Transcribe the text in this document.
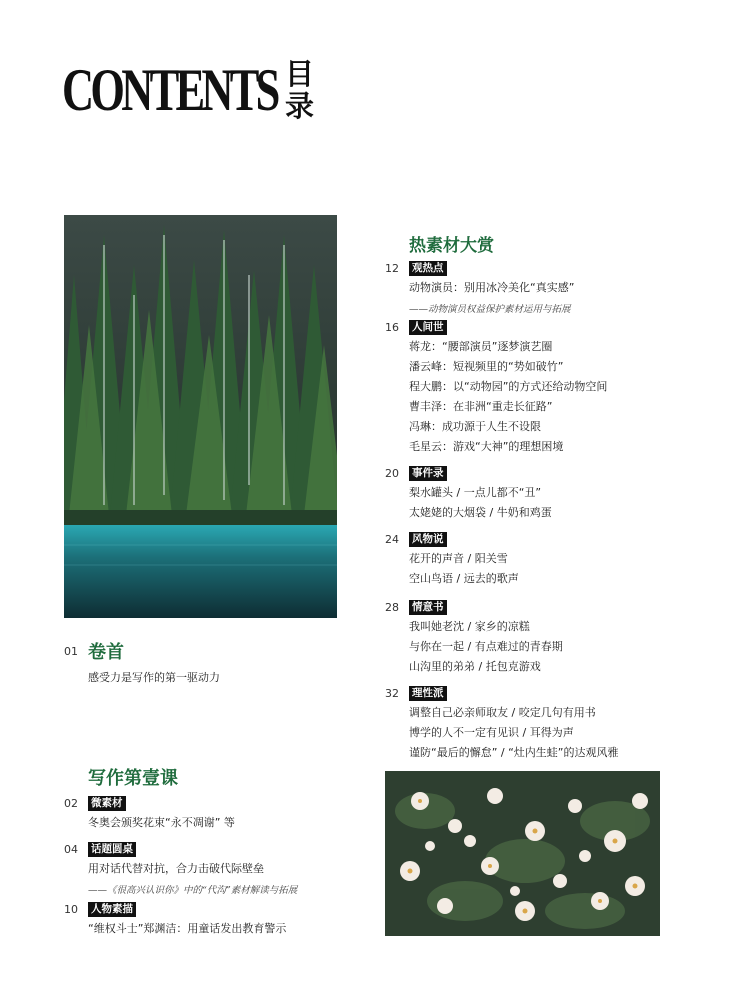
CONTENTS 目
录
01 卷首
感受力是写作的第一驱动力
写作第壹课
02 微素材
冬奥会颁奖花束“永不凋谢” 等
04 话题圆桌
用对话代替对抗，合力击破代际壁垒
——《很高兴认识你》中的“代沟”素材解读与拓展
10 人物素描
“维权斗士”郑渊洁：用童话发出教育警示
热素材大赏
12 观热点
动物演员：别用冰冷美化“真实感”
——动物演员权益保护素材运用与拓展
16 人间世
蒋龙：“腰部演员”逐梦演艺圈
潘云峰：短视频里的“势如破竹”
程大鹏：以“动物园”的方式还给动物空间
曹丰泽：在非洲“重走长征路”
冯琳：成功源于人生不设限
毛星云：游戏“大神”的理想困境
20 事件录
梨水罐头 / 一点儿都不“丑”
太姥姥的大烟袋 / 牛奶和鸡蛋
24 风物说
花开的声音 / 阳关雪
空山鸟语 / 远去的歌声
28 情意书
我叫她老沈 / 家乡的凉糕
与你在一起 / 有点难过的青春期
山沟里的弟弟 / 托包克游戏
32 理性派
调整自己必亲师取友 / 咬定几句有用书
博学的人不一定有见识 / 耳得为声
谨防“最后的懈怠” / “灶内生蛙”的达观风雅
